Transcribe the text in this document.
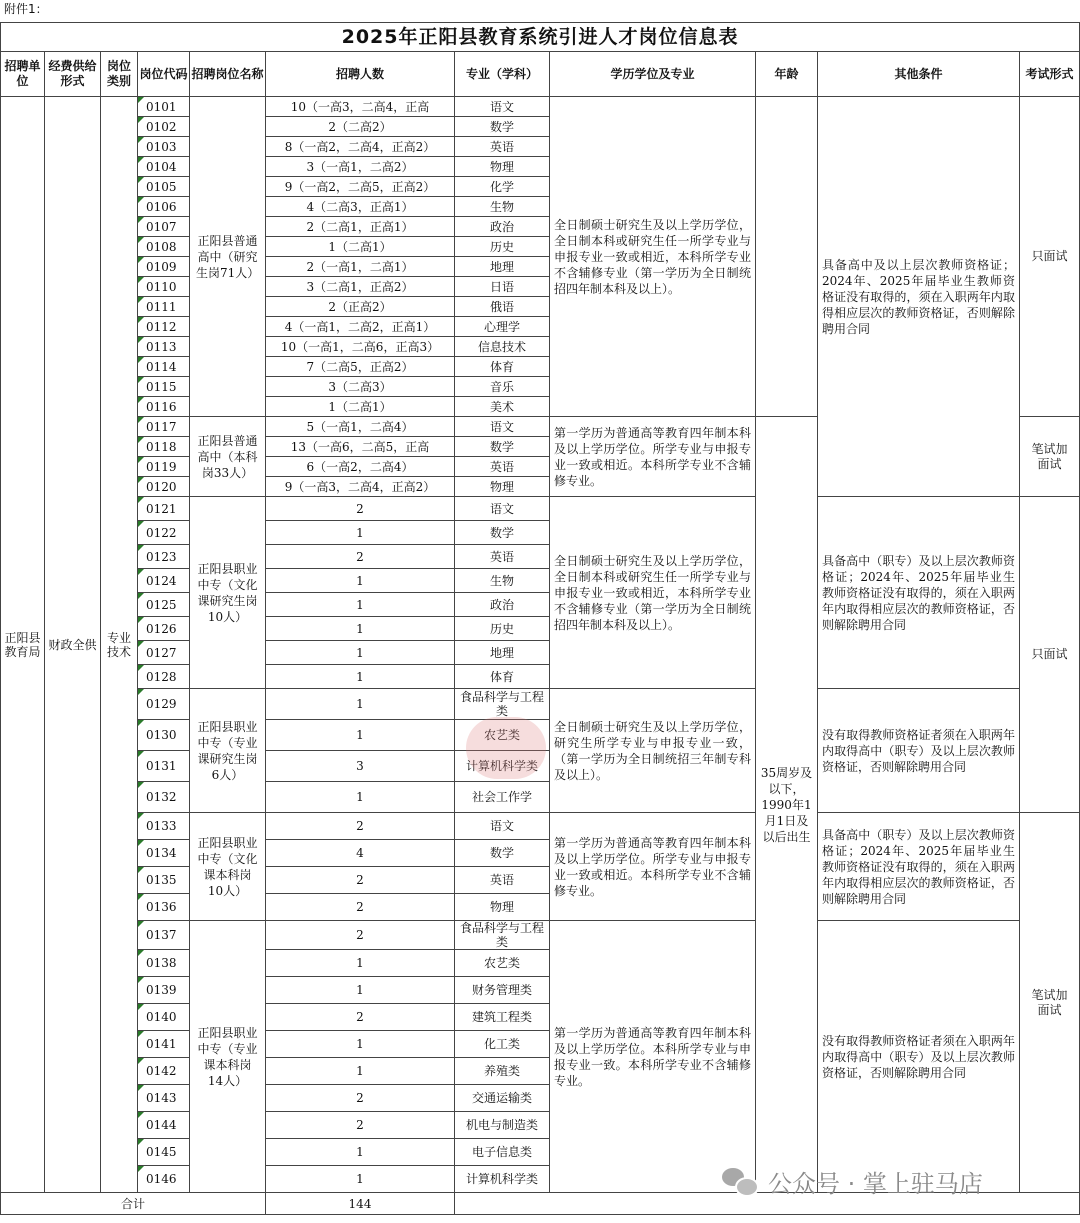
附件1：
2025年正阳县教育系统引进人才岗位信息表										
招聘单位	经费供给形式	岗位类别	岗位代码	招聘岗位名称	招聘人数	专业（学科）	学历学位及专业	年龄	其他条件	考试形式
正阳县教育局	财政全供	专业技术	0101	正阳县普通高中（研究生岗71人）	10（一高3，二高4，正高	语文	全日制硕士研究生及以上学历学位，全日制本科或研究生任一所学专业与申报专业一致或相近，本科所学专业不含辅修专业（第一学历为全日制统招四年制本科及以上）。		具备高中及以上层次教师资格证；2024年、2025年届毕业生教师资格证没有取得的，须在入职两年内取得相应层次的教师资格证，否则解除聘用合同	只面试
			0102		2（二高2）	数学				
			0103		8（一高2，二高4，正高2）	英语				
			0104		3（一高1，二高2）	物理				
			0105		9（一高2，二高5，正高2）	化学				
			0106		4（二高3，正高1）	生物				
			0107		2（二高1，正高1）	政治				
			0108		1（二高1）	历史				
			0109		2（一高1，二高1）	地理				
			0110		3（二高1，正高2）	日语				
			0111		2（正高2）	俄语				
			0112		4（一高1，二高2，正高1）	心理学				
			0113		10（一高1，二高6，正高3）	信息技术				
			0114		7（二高5，正高2）	体育				
			0115		3（二高3）	音乐				
			0116		1（二高1）	美术				
			0117	正阳县普通高中（本科岗33人）	5（一高1，二高4）	语文	第一学历为普通高等教育四年制本科及以上学历学位。所学专业与申报专业一致或相近。本科所学专业不含辅修专业。	35周岁及以下，1990年1月1日及以后出生		笔试加面试
			0118		13（一高6，二高5，正高	数学				
			0119		6（一高2，二高4）	英语				
			0120		9（一高3，二高4，正高2）	物理				
			0121	正阳县职业中专（文化课研究生岗10人）	2	语文	全日制硕士研究生及以上学历学位，全日制本科或研究生任一所学专业与申报专业一致或相近，本科所学专业不含辅修专业（第一学历为全日制统招四年制本科及以上）。		具备高中（职专）及以上层次教师资格证；2024年、2025年届毕业生教师资格证没有取得的，须在入职两年内取得相应层次的教师资格证，否则解除聘用合同	只面试
			0122		1	数学				
			0123		2	英语				
			0124		1	生物				
			0125		1	政治				
			0126		1	历史				
			0127		1	地理				
			0128		1	体育				
			0129	正阳县职业中专（专业课研究生岗6人）	1	食品科学与工程类	全日制硕士研究生及以上学历学位，研究生所学专业与申报专业一致，（第一学历为全日制统招三年制专科及以上）。		没有取得教师资格证者须在入职两年内取得高中（职专）及以上层次教师资格证，否则解除聘用合同	
			0130		1	农艺类				
			0131		3	计算机科学类				
			0132		1	社会工作学				
			0133	正阳县职业中专（文化课本科岗10人）	2	语文	第一学历为普通高等教育四年制本科及以上学历学位。所学专业与申报专业一致或相近。本科所学专业不含辅修专业。		具备高中（职专）及以上层次教师资格证；2024年、2025年届毕业生教师资格证没有取得的，须在入职两年内取得相应层次的教师资格证，否则解除聘用合同	笔试加面试
			0134		4	数学				
			0135		2	英语				
			0136		2	物理				
			0137	正阳县职业中专（专业课本科岗14人）	2	食品科学与工程类	第一学历为普通高等教育四年制本科及以上学历学位。本科所学专业与申报专业一致。本科所学专业不含辅修专业。		没有取得教师资格证者须在入职两年内取得高中（职专）及以上层次教师资格证，否则解除聘用合同	
			0138		1	农艺类				
			0139		1	财务管理类				
			0140		2	建筑工程类				
			0141		1	化工类				
			0142		1	养殖类				
			0143		2	交通运输类				
			0144		2	机电与制造类				
			0145		1	电子信息类				
			0146		1	计算机科学类				
合计					144					
公众号 · 掌上驻马店
